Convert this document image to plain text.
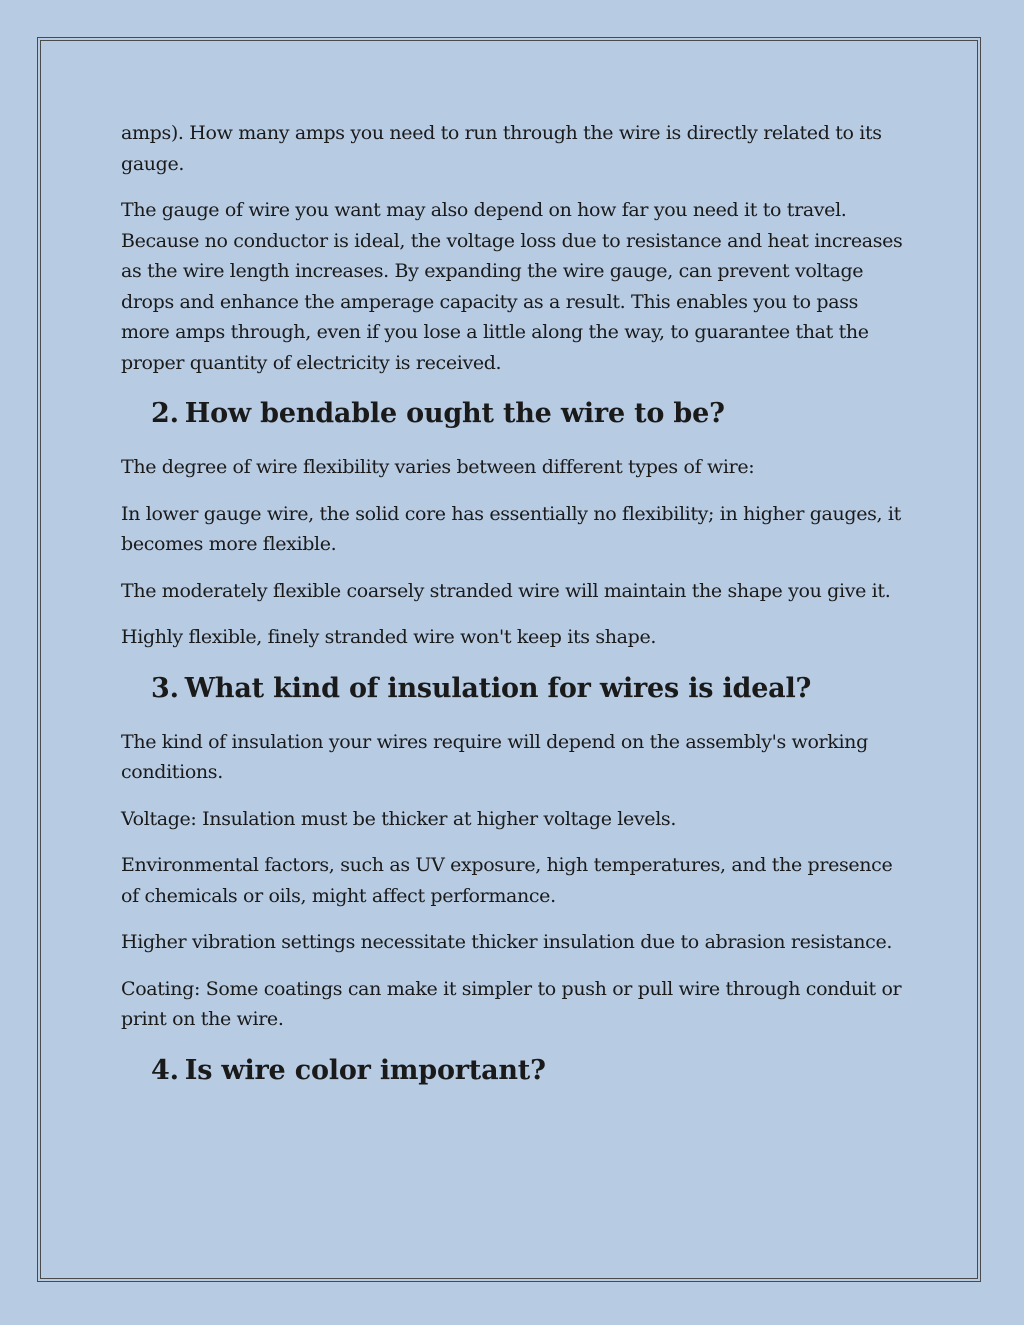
amps). How many amps you need to run through the wire is directly related to its gauge.

The gauge of wire you want may also depend on how far you need it to travel. Because no conductor is ideal, the voltage loss due to resistance and heat increases as the wire length increases. By expanding the wire gauge, can prevent voltage drops and enhance the amperage capacity as a result. This enables you to pass more amps through, even if you lose a little along the way, to guarantee that the proper quantity of electricity is received.

2. How bendable ought the wire to be?

The degree of wire flexibility varies between different types of wire:

In lower gauge wire, the solid core has essentially no flexibility; in higher gauges, it becomes more flexible.

The moderately flexible coarsely stranded wire will maintain the shape you give it.

Highly flexible, finely stranded wire won't keep its shape.

3. What kind of insulation for wires is ideal?

The kind of insulation your wires require will depend on the assembly's working conditions.

Voltage: Insulation must be thicker at higher voltage levels.

Environmental factors, such as UV exposure, high temperatures, and the presence of chemicals or oils, might affect performance.

Higher vibration settings necessitate thicker insulation due to abrasion resistance.

Coating: Some coatings can make it simpler to push or pull wire through conduit or print on the wire.

4. Is wire color important?
